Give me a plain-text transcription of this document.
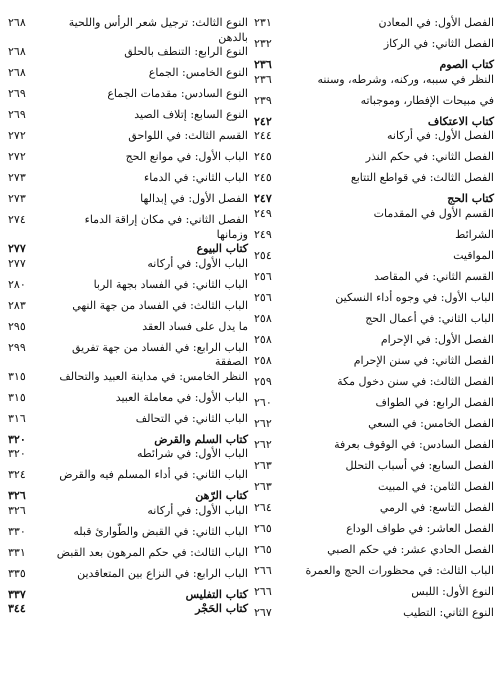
الفصل الأول: في المعادن
٢٣١
الفصل الثاني: في الركاز
٢٣٢
كتاب الصوم
٢٣٦
النظر في سببه، وركنه، وشرطه، وسننه
٢٣٦
في مبيحات الإفطار، وموجباته
٢٣٩
كتاب الاعتكاف
٢٤٢
الفصل الأول: في أركانه
٢٤٤
الفصل الثاني: في حكم النذر
٢٤٥
الفصل الثالث: في قواطع التتابع
٢٤٥
كتاب الحج
٢٤٧
القسم الأول في المقدمات
٢٤٩
الشرائط
٢٤٩
المواقيت
٢٥٤
القسم الثاني: في المقاصد
٢٥٦
الباب الأول: في وجوه أداء النسكين
٢٥٦
الباب الثاني: في أعمال الحج
٢٥٨
الفصل الأول: في الإحرام
٢٥٨
الفصل الثاني: في سنن الإحرام
٢٥٨
الفصل الثالث: في سنن دخول مكة
٢٥٩
الفصل الرابع: في الطواف
٢٦٠
الفصل الخامس: في السعي
٢٦٢
الفصل السادس: في الوقوف بعرفة
٢٦٢
الفصل السابع: في أسباب التحلل
٢٦٣
الفصل الثامن: في المبيت
٢٦٣
الفصل التاسع: في الرمي
٢٦٤
الفصل العاشر: في طواف الوداع
٢٦٥
الفصل الحادي عشر: في حكم الصبي
٢٦٥
الباب الثالث: في محظورات الحج والعمرة
٢٦٦
النوع الأول: اللبس
٢٦٦
النوع الثاني: التطيب
٢٦٧
النوع الثالث: ترجيل شعر الرأس واللحية بالدهن
٢٦٨
النوع الرابع: التنطف بالحلق
٢٦٨
النوع الخامس: الجماع
٢٦٨
النوع السادس: مقدمات الجماع
٢٦٩
النوع السابع: إتلاف الصيد
٢٦٩
القسم الثالث: في اللواحق
٢٧٢
الباب الأول: في موانع الحج
٢٧٢
الباب الثاني: في الدماء
٢٧٣
الفصل الأول: في إبدالها
٢٧٣
الفصل الثاني: في مكان إراقة الدماء وزمانها
٢٧٤
كتاب البيوع
٢٧٧
الباب الأول: في أركانه
٢٧٧
الباب الثاني: في الفساد بجهة الربا
٢٨٠
الباب الثالث: في الفساد من جهة النهي
٢٨٣
ما يدل على فساد العقد
٢٩٥
الباب الرابع: في الفساد من جهة تفريق الصفقة
٢٩٩
النظر الخامس: في مداينة العبيد والتحالف
٣١٥
الباب الأول: في معاملة العبيد
٣١٥
الباب الثاني: في التحالف
٣١٦
كتاب السلم والقرض
٣٢٠
الباب الأول: في شرائطه
٣٢٠
الباب الثاني: في أداء المسلم فيه والقرض
٣٢٤
كتاب الرّهن
٣٢٦
الباب الأول: في أركانه
٣٢٦
الباب الثاني: في القبض والطّوارئ قبله
٣٣٠
الباب الثالث: في حكم المرهون بعد القبض
٣٣١
الباب الرابع: في النزاع بين المتعاقدين
٣٣٥
كتاب التفليس
٣٣٧
كتاب الحَجْر
٣٤٤
